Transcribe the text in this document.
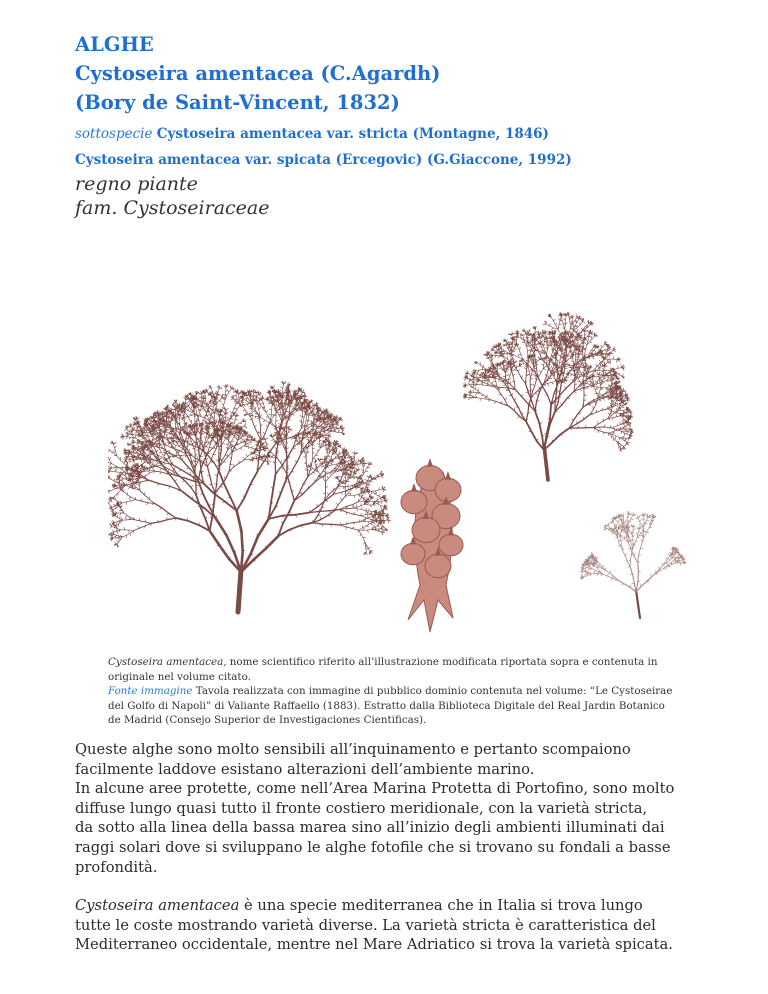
ALGHE
Cystoseira amentacea (C.Agardh)
(Bory de Saint-Vincent, 1832)
sottospecie Cystoseira amentacea var. stricta (Montagne, 1846)
Cystoseira amentacea var. spicata (Ercegovic) (G.Giaccone, 1992)
regno piante
fam. Cystoseiraceae

Cystoseira amentacea, nome scientifico riferito all’illustrazione modificata riportata sopra e contenuta in

originale nel volume citato.

Fonte immagine Tavola realizzata con immagine di pubblico dominio contenuta nel volume: “Le Cystoseirae

del Golfo di Napoli” di Valiante Raffaello (1883). Estratto dalla Biblioteca Digitale del Real Jardin Botanico

de Madrid (Consejo Superior de Investigaciones Cientificas).

Queste alghe sono molto sensibili all’inquinamento e pertanto scompaiono

facilmente laddove esistano alterazioni dell’ambiente marino.

In alcune aree protette, come nell’Area Marina Protetta di Portofino, sono molto

diffuse lungo quasi tutto il fronte costiero meridionale, con la varietà stricta,

da sotto alla linea della bassa marea sino all’inizio degli ambienti illuminati dai

raggi solari dove si sviluppano le alghe fotofile che si trovano su fondali a basse

profondità.

Cystoseira amentacea è una specie mediterranea che in Italia si trova lungo

tutte le coste mostrando varietà diverse. La varietà stricta è caratteristica del

Mediterraneo occidentale, mentre nel Mare Adriatico si trova la varietà spicata.
